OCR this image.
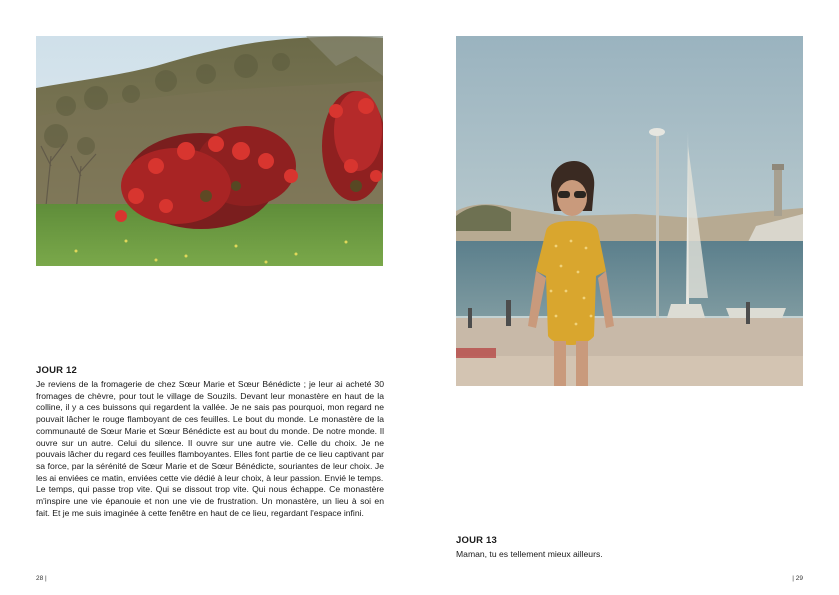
JOUR 12

Je reviens de la fromagerie de chez Sœur Marie et Sœur Bénédicte ; je leur ai acheté 30 fromages de chèvre, pour tout le village de Souzils. Devant leur monastère en haut de la colline, il y a ces buissons qui regardent la vallée. Je ne sais pas pourquoi, mon regard ne pouvait lâcher le rouge flamboyant de ces feuilles. Le bout du monde. Le monastère de la communauté de Sœur Marie et Sœur Bénédicte est au bout du monde. De notre monde. Il ouvre sur un autre. Celui du silence. Il ouvre sur une autre vie. Celle du choix. Je ne pouvais lâcher du regard ces feuilles flamboyantes. Elles font partie de ce lieu captivant par sa force, par la sérénité de Sœur Marie et de Sœur Bénédicte, souriantes de leur choix. Je les ai enviées ce matin, enviées cette vie dédié à leur choix, à leur passion. Envié le temps.

Le temps, qui passe trop vite. Qui se dissout trop vite. Qui nous échappe. Ce monastère m'inspire une vie épanouie et non une vie de frustration. Un monastère, un lieu à soi en fait. Et je me suis imaginée à cette fenêtre en haut de ce lieu, regardant l'espace infini.

28 |
JOUR 13

Maman, tu es tellement mieux ailleurs.

| 29
